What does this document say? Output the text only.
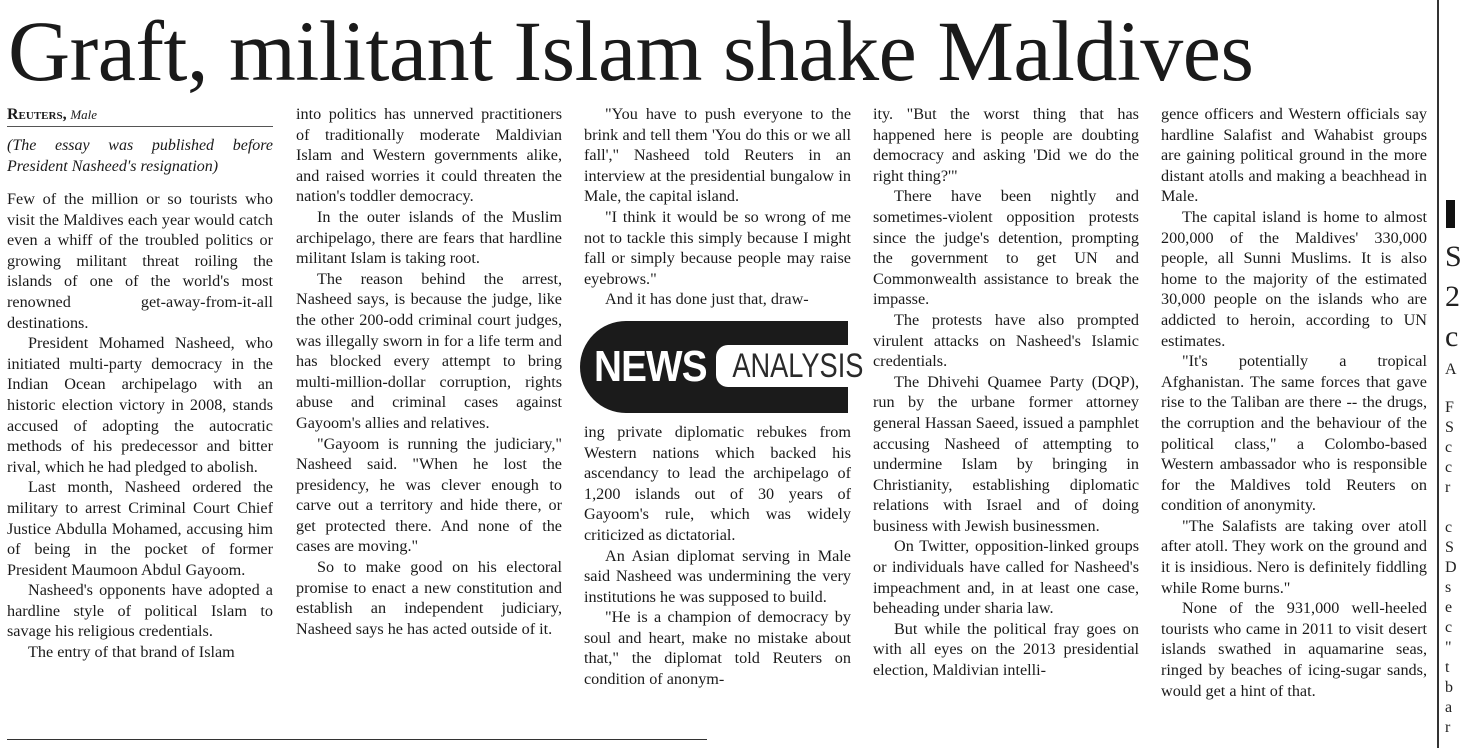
Graft, militant Islam shake Maldives
Reuters, Male

(The essay was published before President Nasheed's resignation)

Few of the million or so tourists who visit the Maldives each year would catch even a whiff of the troubled politics or growing militant threat roiling the islands of one of the world's most renowned get-away-from-it-all destinations.

President Mohamed Nasheed, who initiated multi-party democracy in the Indian Ocean archipelago with an historic election victory in 2008, stands accused of adopting the autocratic methods of his predecessor and bitter rival, which he had pledged to abolish.

Last month, Nasheed ordered the military to arrest Criminal Court Chief Justice Abdulla Mohamed, accusing him of being in the pocket of former President Maumoon Abdul Gayoom.

Nasheed's opponents have adopted a hardline style of political Islam to savage his religious credentials.

The entry of that brand of Islam

into politics has unnerved practitioners of traditionally moderate Maldivian Islam and Western governments alike, and raised worries it could threaten the nation's toddler democracy.

In the outer islands of the Muslim archipelago, there are fears that hardline militant Islam is taking root.

The reason behind the arrest, Nasheed says, is because the judge, like the other 200-odd criminal court judges, was illegally sworn in for a life term and has blocked every attempt to bring multi-million-dollar corruption, rights abuse and criminal cases against Gayoom's allies and relatives.

"Gayoom is running the judiciary," Nasheed said. "When he lost the presidency, he was clever enough to carve out a territory and hide there, or get protected there. And none of the cases are moving."

So to make good on his electoral promise to enact a new constitution and establish an independent judiciary, Nasheed says he has acted outside of it.

"You have to push everyone to the brink and tell them 'You do this or we all fall'," Nasheed told Reuters in an interview at the presidential bungalow in Male, the capital island.

"I think it would be so wrong of me not to tackle this simply because I might fall or simply because people may raise eyebrows."

And it has done just that, draw-

NEWS ANALYSIS

ing private diplomatic rebukes from Western nations which backed his ascendancy to lead the archipelago of 1,200 islands out of 30 years of Gayoom's rule, which was widely criticized as dictatorial.

An Asian diplomat serving in Male said Nasheed was undermining the very institutions he was supposed to build.

"He is a champion of democracy by soul and heart, make no mistake about that," the diplomat told Reuters on condition of anonym-

ity. "But the worst thing that has happened here is people are doubting democracy and asking 'Did we do the right thing?'"

There have been nightly and sometimes-violent opposition protests since the judge's detention, prompting the government to get UN and Commonwealth assistance to break the impasse.

The protests have also prompted virulent attacks on Nasheed's Islamic credentials.

The Dhivehi Quamee Party (DQP), run by the urbane former attorney general Hassan Saeed, issued a pamphlet accusing Nasheed of attempting to undermine Islam by bringing in Christianity, establishing diplomatic relations with Israel and of doing business with Jewish businessmen.

On Twitter, opposition-linked groups or individuals have called for Nasheed's impeachment and, in at least one case, beheading under sharia law.

But while the political fray goes on with all eyes on the 2013 presidential election, Maldivian intelli-

gence officers and Western officials say hardline Salafist and Wahabist groups are gaining political ground in the more distant atolls and making a beachhead in Male.

The capital island is home to almost 200,000 of the Maldives' 330,000 people, all Sunni Muslims. It is also home to the majority of the estimated 30,000 people on the islands who are addicted to heroin, according to UN estimates.

"It's potentially a tropical Afghanistan. The same forces that gave rise to the Taliban are there -- the drugs, the corruption and the behaviour of the political class," a Colombo-based Western ambassador who is responsible for the Maldives told Reuters on condition of anonymity.

"The Salafists are taking over atoll after atoll. They work on the ground and it is insidious. Nero is definitely fiddling while Rome burns."

None of the 931,000 well-heeled tourists who came in 2011 to visit desert islands swathed in aquamarine seas, ringed by beaches of icing-sugar sands, would get a hint of that.

S
2
c
A
F
S
c
c
r
c
S
D
s
e
c
"
t
b
a
r
